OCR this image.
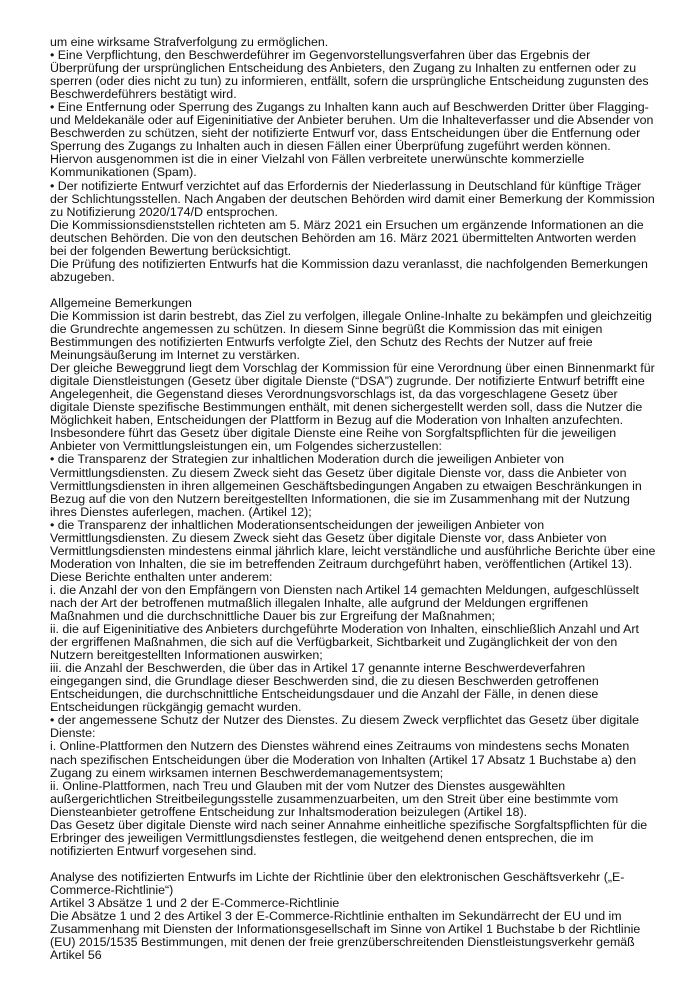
um eine wirksame Strafverfolgung zu ermöglichen.

• Eine Verpflichtung, den Beschwerdeführer im Gegenvorstellungsverfahren über das Ergebnis der Überprüfung der ursprünglichen Entscheidung des Anbieters, den Zugang zu Inhalten zu entfernen oder zu sperren (oder dies nicht zu tun) zu informieren, entfällt, sofern die ursprüngliche Entscheidung zugunsten des Beschwerdeführers bestätigt wird.

• Eine Entfernung oder Sperrung des Zugangs zu Inhalten kann auch auf Beschwerden Dritter über Flagging- und Meldekanäle oder auf Eigeninitiative der Anbieter beruhen. Um die Inhalteverfasser und die Absender von Beschwerden zu schützen, sieht der notifizierte Entwurf vor, dass Entscheidungen über die Entfernung oder Sperrung des Zugangs zu Inhalten auch in diesen Fällen einer Überprüfung zugeführt werden können. Hiervon ausgenommen ist die in einer Vielzahl von Fällen verbreitete unerwünschte kommerzielle Kommunikationen (Spam).

• Der notifizierte Entwurf verzichtet auf das Erfordernis der Niederlassung in Deutschland für künftige Träger der Schlichtungsstellen. Nach Angaben der deutschen Behörden wird damit einer Bemerkung der Kommission zu Notifizierung 2020/174/D entsprochen.

Die Kommissionsdienststellen richteten am 5. März 2021 ein Ersuchen um ergänzende Informationen an die deutschen Behörden. Die von den deutschen Behörden am 16. März 2021 übermittelten Antworten werden bei der folgenden Bewertung berücksichtigt.

Die Prüfung des notifizierten Entwurfs hat die Kommission dazu veranlasst, die nachfolgenden Bemerkungen abzugeben.

Allgemeine Bemerkungen

Die Kommission ist darin bestrebt, das Ziel zu verfolgen, illegale Online-Inhalte zu bekämpfen und gleichzeitig die Grundrechte angemessen zu schützen. In diesem Sinne begrüßt die Kommission das mit einigen Bestimmungen des notifizierten Entwurfs verfolgte Ziel, den Schutz des Rechts der Nutzer auf freie Meinungsäußerung im Internet zu verstärken.

Der gleiche Beweggrund liegt dem Vorschlag der Kommission für eine Verordnung über einen Binnenmarkt für digitale Dienstleistungen (Gesetz über digitale Dienste (“DSA”) zugrunde. Der notifizierte Entwurf betrifft eine Angelegenheit, die Gegenstand dieses Verordnungsvorschlags ist, da das vorgeschlagene Gesetz über digitale Dienste spezifische Bestimmungen enthält, mit denen sichergestellt werden soll, dass die Nutzer die Möglichkeit haben, Entscheidungen der Plattform in Bezug auf die Moderation von Inhalten anzufechten. Insbesondere führt das Gesetz über digitale Dienste eine Reihe von Sorgfaltspflichten für die jeweiligen Anbieter von Vermittlungsleistungen ein, um Folgendes sicherzustellen:

• die Transparenz der Strategien zur inhaltlichen Moderation durch die jeweiligen Anbieter von Vermittlungsdiensten. Zu diesem Zweck sieht das Gesetz über digitale Dienste vor, dass die Anbieter von Vermittlungsdiensten in ihren allgemeinen Geschäftsbedingungen Angaben zu etwaigen Beschränkungen in Bezug auf die von den Nutzern bereitgestellten Informationen, die sie im Zusammenhang mit der Nutzung ihres Dienstes auferlegen, machen. (Artikel 12);

• die Transparenz der inhaltlichen Moderationsentscheidungen der jeweiligen Anbieter von Vermittlungsdiensten. Zu diesem Zweck sieht das Gesetz über digitale Dienste vor, dass Anbieter von Vermittlungsdiensten mindestens einmal jährlich klare, leicht verständliche und ausführliche Berichte über eine Moderation von Inhalten, die sie im betreffenden Zeitraum durchgeführt haben, veröffentlichen (Artikel 13). Diese Berichte enthalten unter anderem:

i. die Anzahl der von den Empfängern von Diensten nach Artikel 14 gemachten Meldungen, aufgeschlüsselt nach der Art der betroffenen mutmaßlich illegalen Inhalte, alle aufgrund der Meldungen ergriffenen Maßnahmen und die durchschnittliche Dauer bis zur Ergreifung der Maßnahmen;

ii. die auf Eigeninitiative des Anbieters durchgeführte Moderation von Inhalten, einschließlich Anzahl und Art der ergriffenen Maßnahmen, die sich auf die Verfügbarkeit, Sichtbarkeit und Zugänglichkeit der von den Nutzern bereitgestellten Informationen auswirken;

iii. die Anzahl der Beschwerden, die über das in Artikel 17 genannte interne Beschwerdeverfahren eingegangen sind, die Grundlage dieser Beschwerden sind, die zu diesen Beschwerden getroffenen Entscheidungen, die durchschnittliche Entscheidungsdauer und die Anzahl der Fälle, in denen diese Entscheidungen rückgängig gemacht wurden.

• der angemessene Schutz der Nutzer des Dienstes. Zu diesem Zweck verpflichtet das Gesetz über digitale Dienste:

i. Online-Plattformen den Nutzern des Dienstes während eines Zeitraums von mindestens sechs Monaten nach spezifischen Entscheidungen über die Moderation von Inhalten (Artikel 17 Absatz 1 Buchstabe a) den Zugang zu einem wirksamen internen Beschwerdemanagementsystem;

ii. Online-Plattformen, nach Treu und Glauben mit der vom Nutzer des Dienstes ausgewählten außergerichtlichen Streitbeilegungsstelle zusammenzuarbeiten, um den Streit über eine bestimmte vom Diensteanbieter getroffene Entscheidung zur Inhaltsmoderation beizulegen (Artikel 18).

Das Gesetz über digitale Dienste wird nach seiner Annahme einheitliche spezifische Sorgfaltspflichten für die Erbringer des jeweiligen Vermittlungsdienstes festlegen, die weitgehend denen entsprechen, die im notifizierten Entwurf vorgesehen sind.

Analyse des notifizierten Entwurfs im Lichte der Richtlinie über den elektronischen Geschäftsverkehr („E-Commerce-Richtlinie“)

Artikel 3 Absätze 1 und 2 der E-Commerce-Richtlinie

Die Absätze 1 und 2 des Artikel 3 der E-Commerce-Richtlinie enthalten im Sekundärrecht der EU und im Zusammenhang mit Diensten der Informationsgesellschaft im Sinne von Artikel 1 Buchstabe b der Richtlinie (EU) 2015/1535 Bestimmungen, mit denen der freie grenzüberschreitenden Dienstleistungsverkehr gemäß Artikel 56
